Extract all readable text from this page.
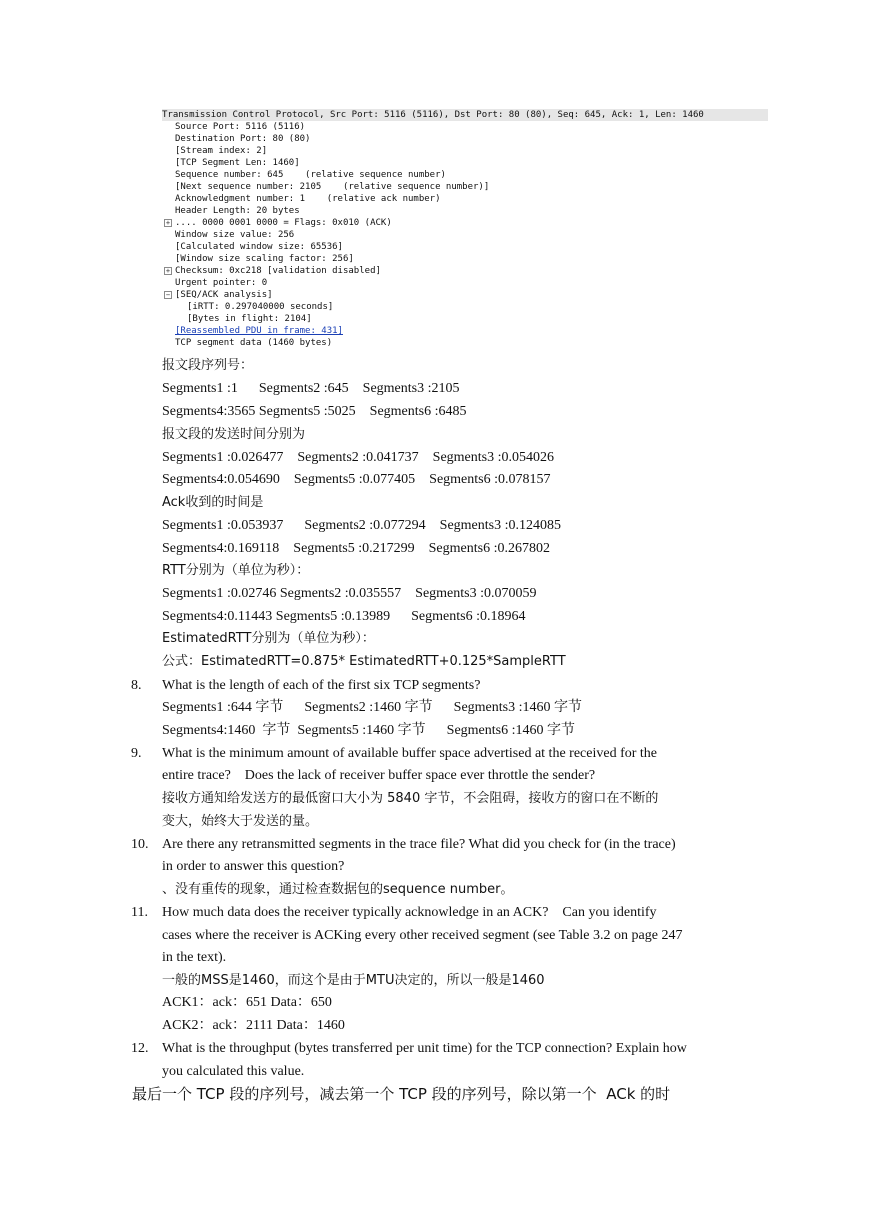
Transmission Control Protocol, Src Port: 5116 (5116), Dst Port: 80 (80), Seq: 645, Ack: 1, Len: 1460
Source Port: 5116 (5116)
Destination Port: 80 (80)
[Stream index: 2]
[TCP Segment Len: 1460]
Sequence number: 645    (relative sequence number)
[Next sequence number: 2105    (relative sequence number)]
Acknowledgment number: 1    (relative ack number)
Header Length: 20 bytes
+ .... 0000 0001 0000 = Flags: 0x010 (ACK)
Window size value: 256
[Calculated window size: 65536]
[Window size scaling factor: 256]
+ Checksum: 0xc218 [validation disabled]
Urgent pointer: 0
− [SEQ/ACK analysis]
[iRTT: 0.297040000 seconds]
[Bytes in flight: 2104]
[Reassembled PDU in frame: 431]
TCP segment data (1460 bytes)
报文段序列号：
Segments1 :1      Segments2 :645    Segments3 :2105
Segments4:3565 Segments5 :5025    Segments6 :6485
报文段的发送时间分别为
Segments1 :0.026477    Segments2 :0.041737    Segments3 :0.054026
Segments4:0.054690    Segments5 :0.077405    Segments6 :0.078157
Ack收到的时间是
Segments1 :0.053937      Segments2 :0.077294    Segments3 :0.124085
Segments4:0.169118    Segments5 :0.217299    Segments6 :0.267802
RTT分别为（单位为秒）：
Segments1 :0.02746 Segments2 :0.035557    Segments3 :0.070059
Segments4:0.11443 Segments5 :0.13989      Segments6 :0.18964
EstimatedRTT分别为（单位为秒）：
公式：EstimatedRTT=0.875* EstimatedRTT+0.125*SampleRTT
8. What is the length of each of the first six TCP segments?
Segments1 :644 字节      Segments2 :1460 字节      Segments3 :1460 字节
Segments4:1460  字节  Segments5 :1460 字节      Segments6 :1460 字节
9. What is the minimum amount of available buffer space advertised at the received for the
entire trace?    Does the lack of receiver buffer space ever throttle the sender?
接收方通知给发送方的最低窗口大小为 5840 字节，不会阻碍，接收方的窗口在不断的
变大，始终大于发送的量。
10. Are there any retransmitted segments in the trace file? What did you check for (in the trace)
in order to answer this question?
、没有重传的现象，通过检查数据包的sequence number。
11. How much data does the receiver typically acknowledge in an ACK?    Can you identify
cases where the receiver is ACKing every other received segment (see Table 3.2 on page 247
in the text).
一般的MSS是1460，而这个是由于MTU决定的，所以一般是1460
ACK1：ack：651 Data：650
ACK2：ack：2111 Data：1460
12. What is the throughput (bytes transferred per unit time) for the TCP connection? Explain how
you calculated this value.
最后一个 TCP 段的序列号，减去第一个 TCP 段的序列号，除以第一个  ACk 的时
